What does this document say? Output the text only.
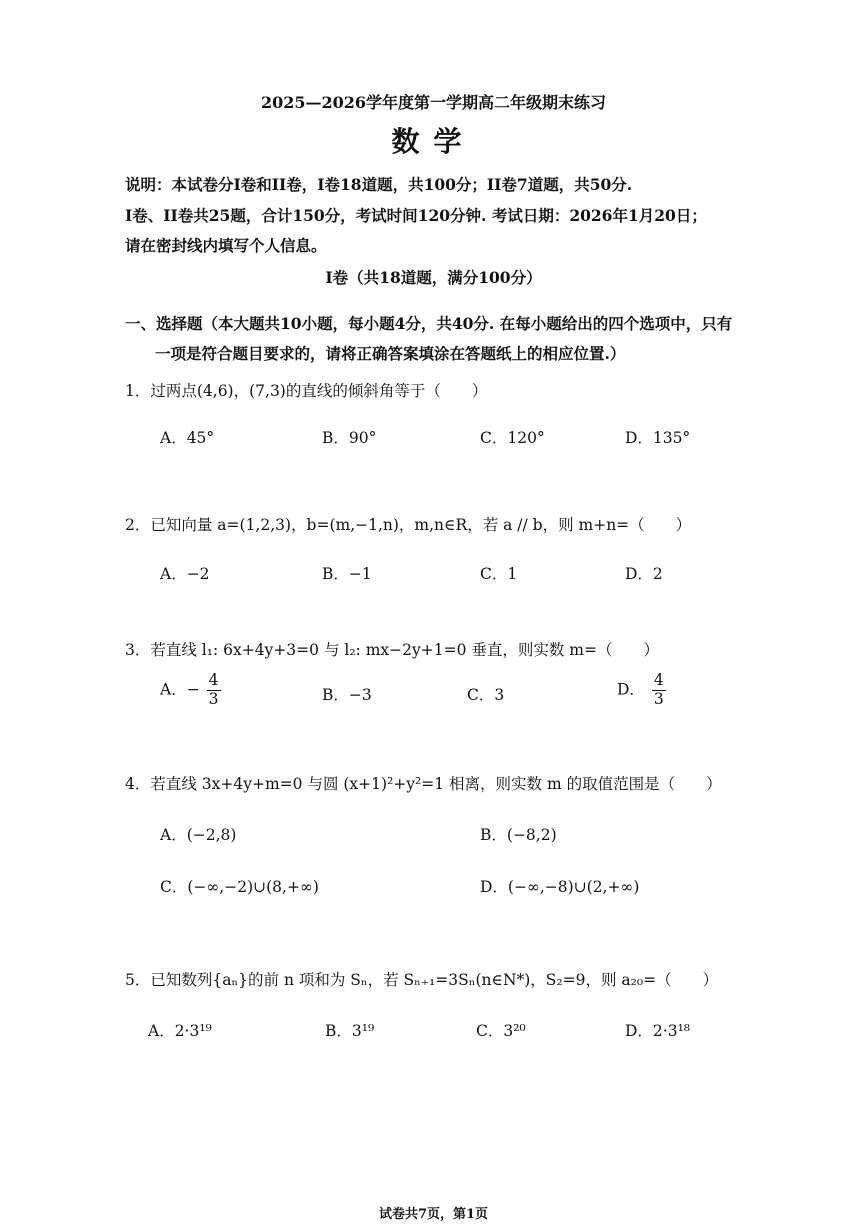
2025—2026学年度第一学期高二年级期末练习
数学
说明：本试卷分I卷和II卷，I卷18道题，共100分；II卷7道题，共50分.
I卷、II卷共25题，合计150分，考试时间120分钟. 考试日期：2026年1月20日；
请在密封线内填写个人信息。
I卷（共18道题，满分100分）
一、选择题（本大题共10小题，每小题4分，共40分. 在每小题给出的四个选项中，只有
一项是符合题目要求的，请将正确答案填涂在答题纸上的相应位置.）
1．过两点(4,6)，(7,3)的直线的倾斜角等于（　　）
A．45°	B．90°	C．120°	D．135°
2．已知向量 a=(1,2,3)，b=(m,−1,n)，m,n∈R，若 a // b，则 m+n=（　　）
A．−2	B．−1	C．1	D．2
3．若直线 l₁: 6x+4y+3=0 与 l₂: mx−2y+1=0 垂直，则实数 m=（　　）
A．− $\frac{4}{3}$	B．−3	C．3	D． $\frac{4}{3}$
4．若直线 3x+4y+m=0 与圆 (x+1)²+y²=1 相离，则实数 m 的取值范围是（　　）
A．(−2,8)	B．(−8,2)
C．(−∞,−2)∪(8,+∞)	D．(−∞,−8)∪(2,+∞)
5．已知数列{aₙ}的前 n 项和为 Sₙ，若 Sₙ₊₁=3Sₙ(n∈N*)，S₂=9，则 a₂₀=（　　）
A．2·3¹⁹	B．3¹⁹	C．3²⁰	D．2·3¹⁸
试卷共7页，第1页
